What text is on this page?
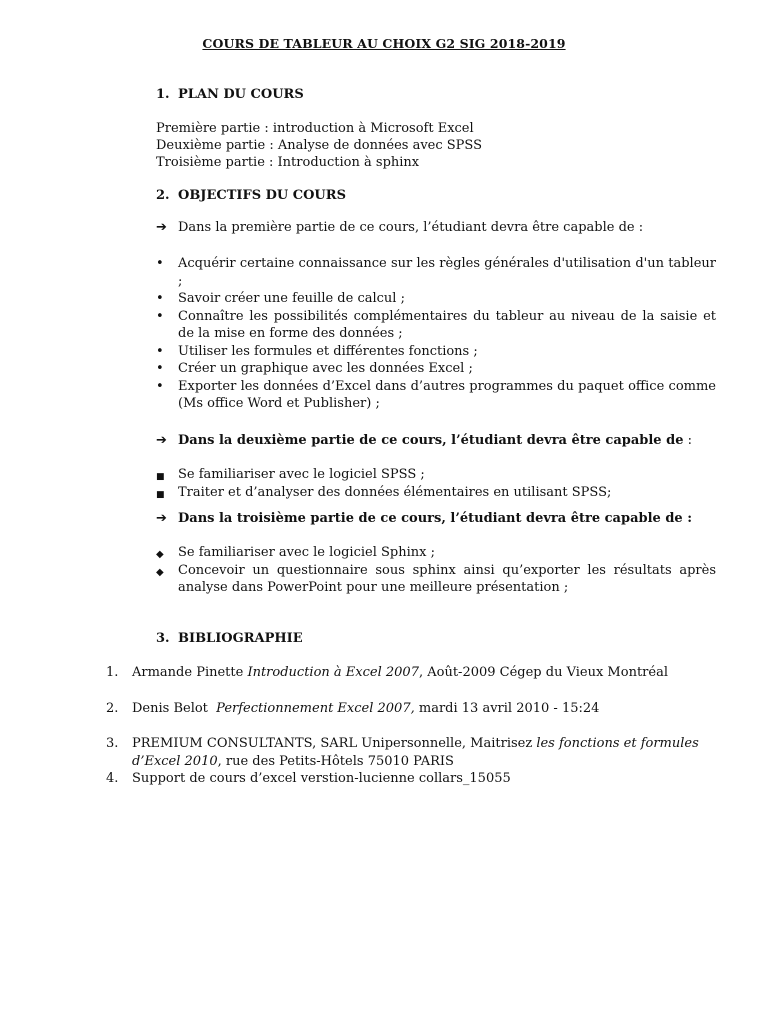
COURS DE TABLEUR AU CHOIX G2 SIG 2018-2019
1. PLAN DU COURS
Première partie : introduction à Microsoft Excel
Deuxième partie : Analyse de données avec SPSS
Troisième partie : Introduction à sphinx
2. OBJECTIFS DU COURS
➔ Dans la première partie de ce cours, l’étudiant devra être capable de :
•	Acquérir certaine connaissance sur les règles générales d'utilisation d'un tableur ;
•	Savoir créer une feuille de calcul ;
•	Connaître les possibilités complémentaires du tableur au niveau de la saisie et de la mise en forme des données ;
•	Utiliser les formules et différentes fonctions ;
•	Créer un graphique avec les données Excel ;
•	Exporter les données d’Excel dans d’autres programmes du paquet office comme (Ms office Word et Publisher) ;
➔ Dans la deuxième partie de ce cours, l’étudiant devra être capable de :
■	Se familiariser avec le logiciel SPSS ;
■	Traiter et d’analyser des données élémentaires en utilisant SPSS;
➔ Dans la troisième partie de ce cours, l’étudiant devra être capable de :
◆	Se familiariser avec le logiciel Sphinx ;
◆	Concevoir un questionnaire sous sphinx ainsi qu’exporter les résultats après analyse dans PowerPoint pour une meilleure présentation ;
3. BIBLIOGRAPHIE
1. Armande Pinette Introduction à Excel 2007, Août-2009 Cégep du Vieux Montréal
2. Denis Belot  Perfectionnement Excel 2007, mardi 13 avril 2010 - 15:24
3. PREMIUM CONSULTANTS, SARL Unipersonnelle, Maitrisez les fonctions et formules d’Excel 2010, rue des Petits-Hôtels 75010 PARIS
4. Support de cours d’excel verstion-lucienne collars_15055
